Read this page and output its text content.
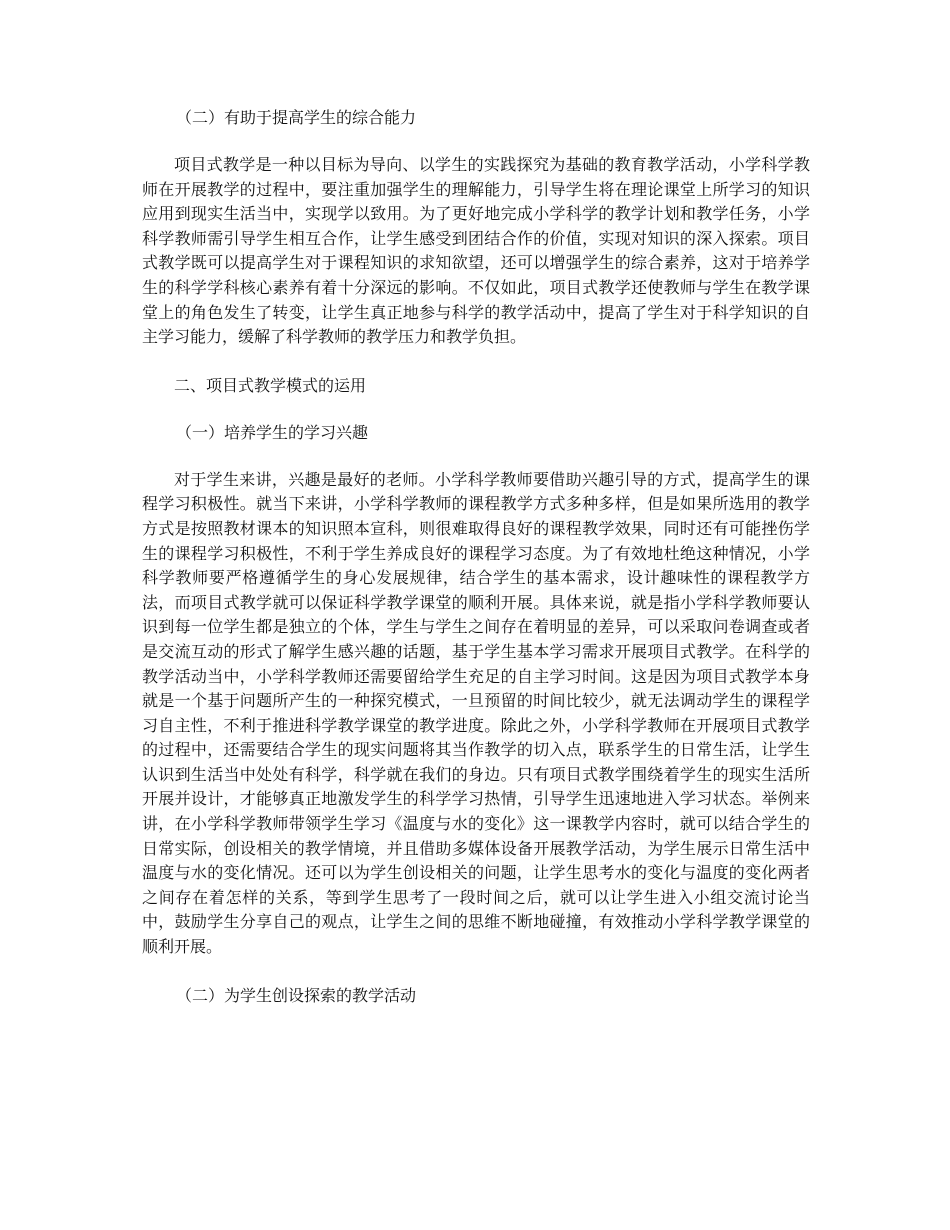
（二）有助于提高学生的综合能力

项目式教学是一种以目标为导向、以学生的实践探究为基础的教育教学活动，小学科学教师在开展教学的过程中，要注重加强学生的理解能力，引导学生将在理论课堂上所学习的知识应用到现实生活当中，实现学以致用。为了更好地完成小学科学的教学计划和教学任务，小学科学教师需引导学生相互合作，让学生感受到团结合作的价值，实现对知识的深入探索。项目式教学既可以提高学生对于课程知识的求知欲望，还可以增强学生的综合素养，这对于培养学生的科学学科核心素养有着十分深远的影响。不仅如此，项目式教学还使教师与学生在教学课堂上的角色发生了转变，让学生真正地参与科学的教学活动中，提高了学生对于科学知识的自主学习能力，缓解了科学教师的教学压力和教学负担。

二、项目式教学模式的运用

（一）培养学生的学习兴趣

对于学生来讲，兴趣是最好的老师。小学科学教师要借助兴趣引导的方式，提高学生的课程学习积极性。就当下来讲，小学科学教师的课程教学方式多种多样，但是如果所选用的教学方式是按照教材课本的知识照本宣科，则很难取得良好的课程教学效果，同时还有可能挫伤学生的课程学习积极性，不利于学生养成良好的课程学习态度。为了有效地杜绝这种情况，小学科学教师要严格遵循学生的身心发展规律，结合学生的基本需求，设计趣味性的课程教学方法，而项目式教学就可以保证科学教学课堂的顺利开展。具体来说，就是指小学科学教师要认识到每一位学生都是独立的个体，学生与学生之间存在着明显的差异，可以采取问卷调查或者是交流互动的形式了解学生感兴趣的话题，基于学生基本学习需求开展项目式教学。在科学的教学活动当中，小学科学教师还需要留给学生充足的自主学习时间。这是因为项目式教学本身就是一个基于问题所产生的一种探究模式，一旦预留的时间比较少，就无法调动学生的课程学习自主性，不利于推进科学教学课堂的教学进度。除此之外，小学科学教师在开展项目式教学的过程中，还需要结合学生的现实问题将其当作教学的切入点，联系学生的日常生活，让学生认识到生活当中处处有科学，科学就在我们的身边。只有项目式教学围绕着学生的现实生活所开展并设计，才能够真正地激发学生的科学学习热情，引导学生迅速地进入学习状态。举例来讲，在小学科学教师带领学生学习《温度与水的变化》这一课教学内容时，就可以结合学生的日常实际，创设相关的教学情境，并且借助多媒体设备开展教学活动，为学生展示日常生活中温度与水的变化情况。还可以为学生创设相关的问题，让学生思考水的变化与温度的变化两者之间存在着怎样的关系，等到学生思考了一段时间之后，就可以让学生进入小组交流讨论当中，鼓励学生分享自己的观点，让学生之间的思维不断地碰撞，有效推动小学科学教学课堂的顺利开展。

（二）为学生创设探索的教学活动
